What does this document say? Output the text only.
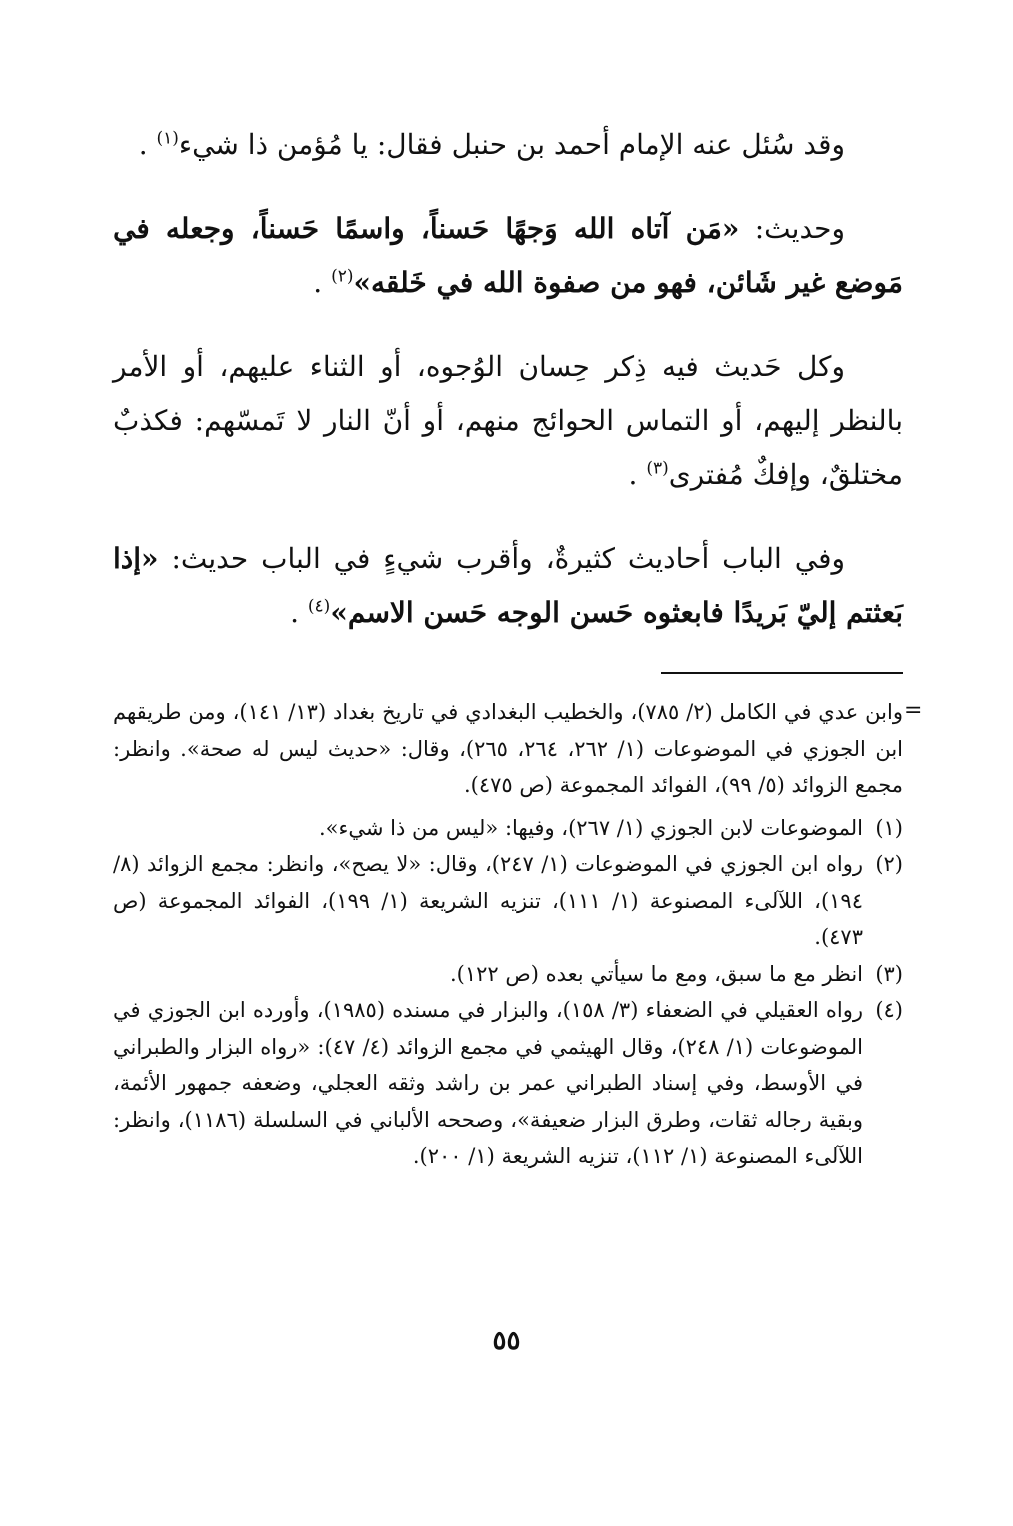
وقد سُئل عنه الإمام أحمد بن حنبل فقال: يا مُؤمن ذا شيء$^{(١)}$ .

وحديث: «مَن آتاه الله وَجهًا حَسناً، واسمًا حَسناً، وجعله في مَوضع غير شَائن، فهو من صفوة الله في خَلقه»$^{(٢)}$ .

وكل حَديث فيه ذِكر حِسان الوُجوه، أو الثناء عليهم، أو الأمر بالنظر إليهم، أو التماس الحوائج منهم، أو أنّ النار لا تَمسّهم: فكذبٌ مختلقٌ، وإفكٌ مُفترى$^{(٣)}$ .

وفي الباب أحاديث كثيرةٌ، وأقرب شيءٍ في الباب حديث: «إذا بَعثتم إليّ بَريدًا فابعثوه حَسن الوجه حَسن الاسم»$^{(٤)}$ .

=
وابن عدي في الكامل (٢/ ٧٨٥)، والخطيب البغدادي في تاريخ بغداد (١٣/ ١٤١)، ومن طريقهم ابن الجوزي في الموضوعات (١/ ٢٦٢، ٢٦٤، ٢٦٥)، وقال: «حديث ليس له صحة». وانظر: مجمع الزوائد (٥/ ٩٩)، الفوائد المجموعة (ص ٤٧٥).
(١)
الموضوعات لابن الجوزي (١/ ٢٦٧)، وفيها: «ليس من ذا شيء».
(٢)
رواه ابن الجوزي في الموضوعات (١/ ٢٤٧)، وقال: «لا يصح»، وانظر: مجمع الزوائد (٨/ ١٩٤)، اللآلىء المصنوعة (١/ ١١١)، تنزيه الشريعة (١/ ١٩٩)، الفوائد المجموعة (ص ٤٧٣).
(٣)
انظر مع ما سبق، ومع ما سيأتي بعده (ص ١٢٢).
(٤)
رواه العقيلي في الضعفاء (٣/ ١٥٨)، والبزار في مسنده (١٩٨٥)، وأورده ابن الجوزي في الموضوعات (١/ ٢٤٨)، وقال الهيثمي في مجمع الزوائد (٤/ ٤٧): «رواه البزار والطبراني في الأوسط، وفي إسناد الطبراني عمر بن راشد وثقه العجلي، وضعفه جمهور الأئمة، وبقية رجاله ثقات، وطرق البزار ضعيفة»، وصححه الألباني في السلسلة (١١٨٦)، وانظر: اللآلىء المصنوعة (١/ ١١٢)، تنزيه الشريعة (١/ ٢٠٠).
٥٥
